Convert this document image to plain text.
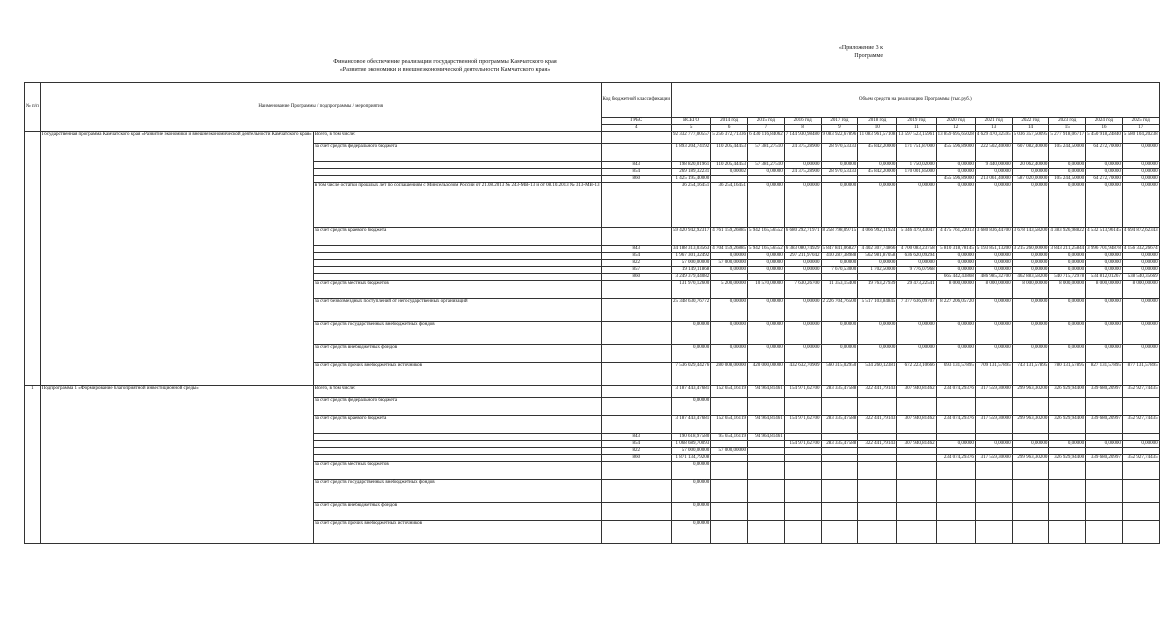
«Приложение 3 к
Программе
Финансовое обеспечение реализации государственной программы Камчатского края
«Развитие экономики и внешнеэкономической деятельности Камчатского края»
№ п/п	Наименование Программы / подпрограммы / мероприятия		Код бюджетной классификации	Объем средств на реализацию Программы (тыс.руб.)												
			ГРБС	ВСЕГО	2014 год	2015 год	2016 год	2017 год	2018 год	2019 год	2020 год	2021 год	2022 год	2023 год	2024 год	2025 год
			4	5	6	7	8	9	10	11	12	13	14	15	16	17
	Государственная программа Камчатского края «Развитие экономики и внешнеэкономической деятельности Камчатского края»	Всего, в том числе:		92 332 777,00557	5 256 372,71336	6 430 116,84062	7 144 930,98480	9 083 922,67896	11 083 961,57108	13 597 523,15961	13 859 695,65028	4 629 470,32595	5 036 357,50095	5 277 918,06717	5 450 918,24840	5 580 104,20238
		за счет средств федерального бюджета		1 893 204,74192	110 205,44453	57 381,27510	24 375,28900	28 970,53333	45 842,20000	171 751,87000	455 596,89000	222 502,40000	607 082,40000	105 244,50000	64 272,70000	0,00000
			843	198 820,01961	110 205,44453	57 381,27510	0,00000	0,00000	0,00000	1 750,02000	0,00000	9 440,00000	20 062,40000	0,00000	0,00000	0,00000
			854	269 189,32231	0,00002	0,00000	24 375,28900	28 970,53333	45 842,20000	170 001,85000	0,00000	0,00000	0,00000	0,00000	0,00000	0,00000
			860	1 425 195,40000							455 596,89000	213 061,40000	587 020,00000	105 244,50000	64 272,70000	0,00000
		в том числе остатки прошлых лет по соглашениям с Минсельхозом России от 21.08.2013 № 243-МВ-13 и от 08.10.2013 № 313-МВ-13		36 254,16451	36 254,16451	0,00000	0,00000	0,00000	0,00000	0,00000	0,00000	0,00000	0,00000	0,00000	0,00000	0,00000
		за счет средств краевого бюджета		59 420 942,92317	4 761 159,26885	5 942 165,56552	6 680 292,71971	8 258 798,09715	4 066 992,11924	5 346 479,43047	4 475 761,22013	3 680 836,44700	3 678 143,58200	4 383 926,98822	4 532 513,96145	4 694 872,62343
			843	34 188 313,03563	4 704 159,26885	5 942 165,56552	6 383 080,74929	5 847 841,06827	4 402 307,74866	4 700 083,23758	5 810 318,78145	5 193 851,13200	3 215 260,00000	3 843 211,25844	3 996 701,94878	4 156 332,26674
			854	1 967 301,32492	0,00000	0,00000	297 211,97042	410 287,38988	562 981,87058	636 620,09294	0,00000	0,00000	0,00000	0,00000	0,00000	0,00000
			822	57 000,00000	57 000,00000	0,00000	0,00000	0,00000	0,00000	0,00000	0,00000	0,00000	0,00000	0,00000	0,00000	0,00000
			857	19 149,11868	0,00000	0,00000	0,00000	7 670,53000	1 702,50000	9 776,07968	0,00000	0,00000	0,00000	0,00000	0,00000	0,00000
			860	3 249 379,44082							665 442,43868	486 985,32700	462 883,58200	540 715,72978	534 812,01267	538 540,35669
		за счет средств местных бюджетов		131 970,12600	5 200,00000	10 570,00000	7 630,26700	11 353,15400	19 763,27939	29 473,22541	8 000,00000	8 000,00000	8 000,00000	8 000,00000	8 000,00000	8 000,00000
		за счет безвозмездных поступлений от негосударственных организаций		25 348 630,76772	0,00000	0,00000	0,00000	2 226 704,76500	5 517 103,84845	7 377 636,09707	8 227 206,05720	0,00000	0,00000	0,00000	0,00000	0,00000
		за счет средств государственных внебюджетных фондов		0,00000	0,00000	0,00000	0,00000	0,00000	0,00000	0,00000	0,00000	0,00000	0,00000	0,00000	0,00000	0,00000
		за счет средств внебюджетных фондов		0,00000	0,00000	0,00000	0,00000	0,00000	0,00000	0,00000	0,00000	0,00000	0,00000	0,00000	0,00000	0,00000
		за счет средств прочих внебюджетных источников		7 536 029,44276	280 008,00000	420 000,00000	432 632,70909	560 315,02950	534 260,12381	672 223,10666	693 131,57895	709 131,57895	743 131,57895	780 131,57895	827 131,57895	877 131,57895
1	Подпрограмма 1 «Формирование благоприятной инвестиционной среды»	Всего, в том числе:		3 187 443,47681	152 654,16119	94 964,81461	154 971,62700	283 335,47588	322 441,79143	307 940,81462	234 074,29376	317 559,30000	299 963,30200	326 929,94400	339 680,20997	352 927,74435
		за счет средств федерального бюджета		0,00000												
		за счет средств краевого бюджета		3 187 443,47681	152 654,16119	94 964,81461	154 971,62700	283 335,47588	322 441,79143	307 940,81462	234 074,29376	317 559,30000	299 963,30200	326 929,94400	339 680,20997	352 927,74435
			843	190 618,97580	95 654,16119	94 964,81461										
			854	1 068 689,70093			154 971,62700	283 335,47588	322 441,79143	307 940,81462	0,00000	0,00000	0,00000	0,00000	0,00000	0,00000
			822	57 000,00000	57 000,00000											
			860	1 871 134,79208							234 074,29376	317 559,30000	299 963,30200	326 929,94400	339 680,20997	352 927,74435
		за счет средств местных бюджетов		0,00000												
		за счет средств государственных внебюджетных фондов		0,00000												
		за счет средств внебюджетных фондов		0,00000												
		за счет средств прочих внебюджетных источников		0,00000												
